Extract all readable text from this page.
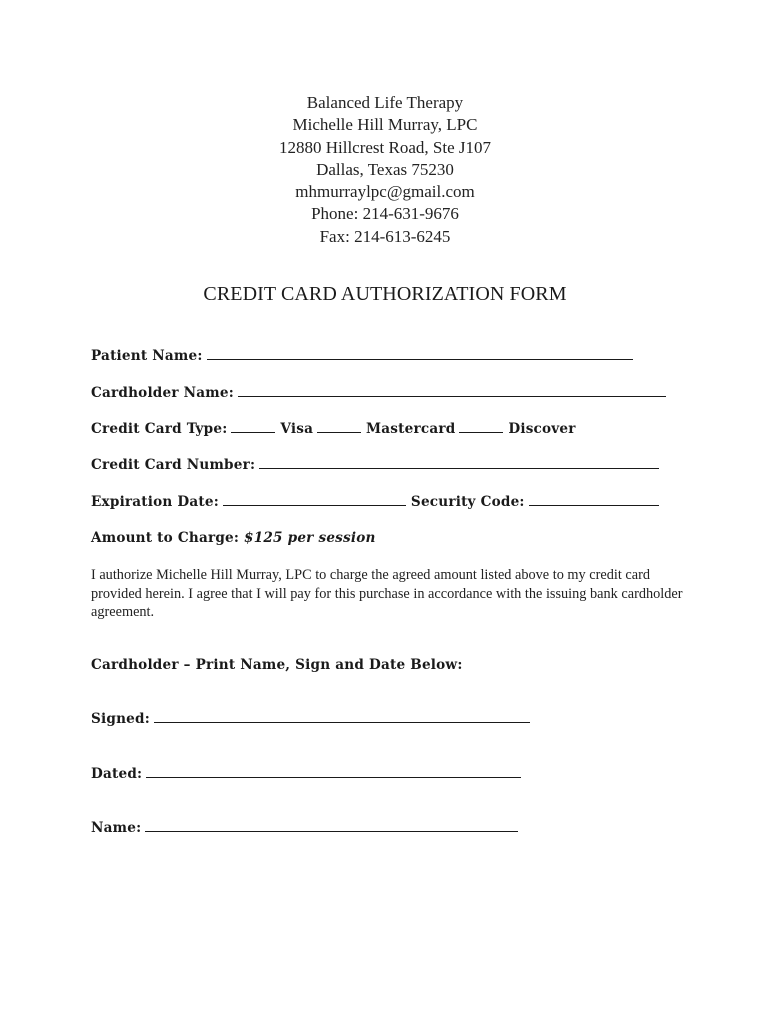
Balanced Life Therapy
Michelle Hill Murray, LPC
12880 Hillcrest Road, Ste J107
Dallas, Texas 75230
mhmurraylpc@gmail.com
Phone: 214-631-9676
Fax: 214-613-6245
CREDIT CARD AUTHORIZATION FORM
Patient Name:
Cardholder Name:
Credit Card Type:	Visa	Mastercard	Discover
Credit Card Number:
Expiration Date:	Security Code:
Amount to Charge: $125 per session
I authorize Michelle Hill Murray, LPC to charge the agreed amount listed above to my credit card provided herein. I agree that I will pay for this purchase in accordance with the issuing bank cardholder agreement.
Cardholder – Print Name, Sign and Date Below:
Signed:
Dated:
Name:
